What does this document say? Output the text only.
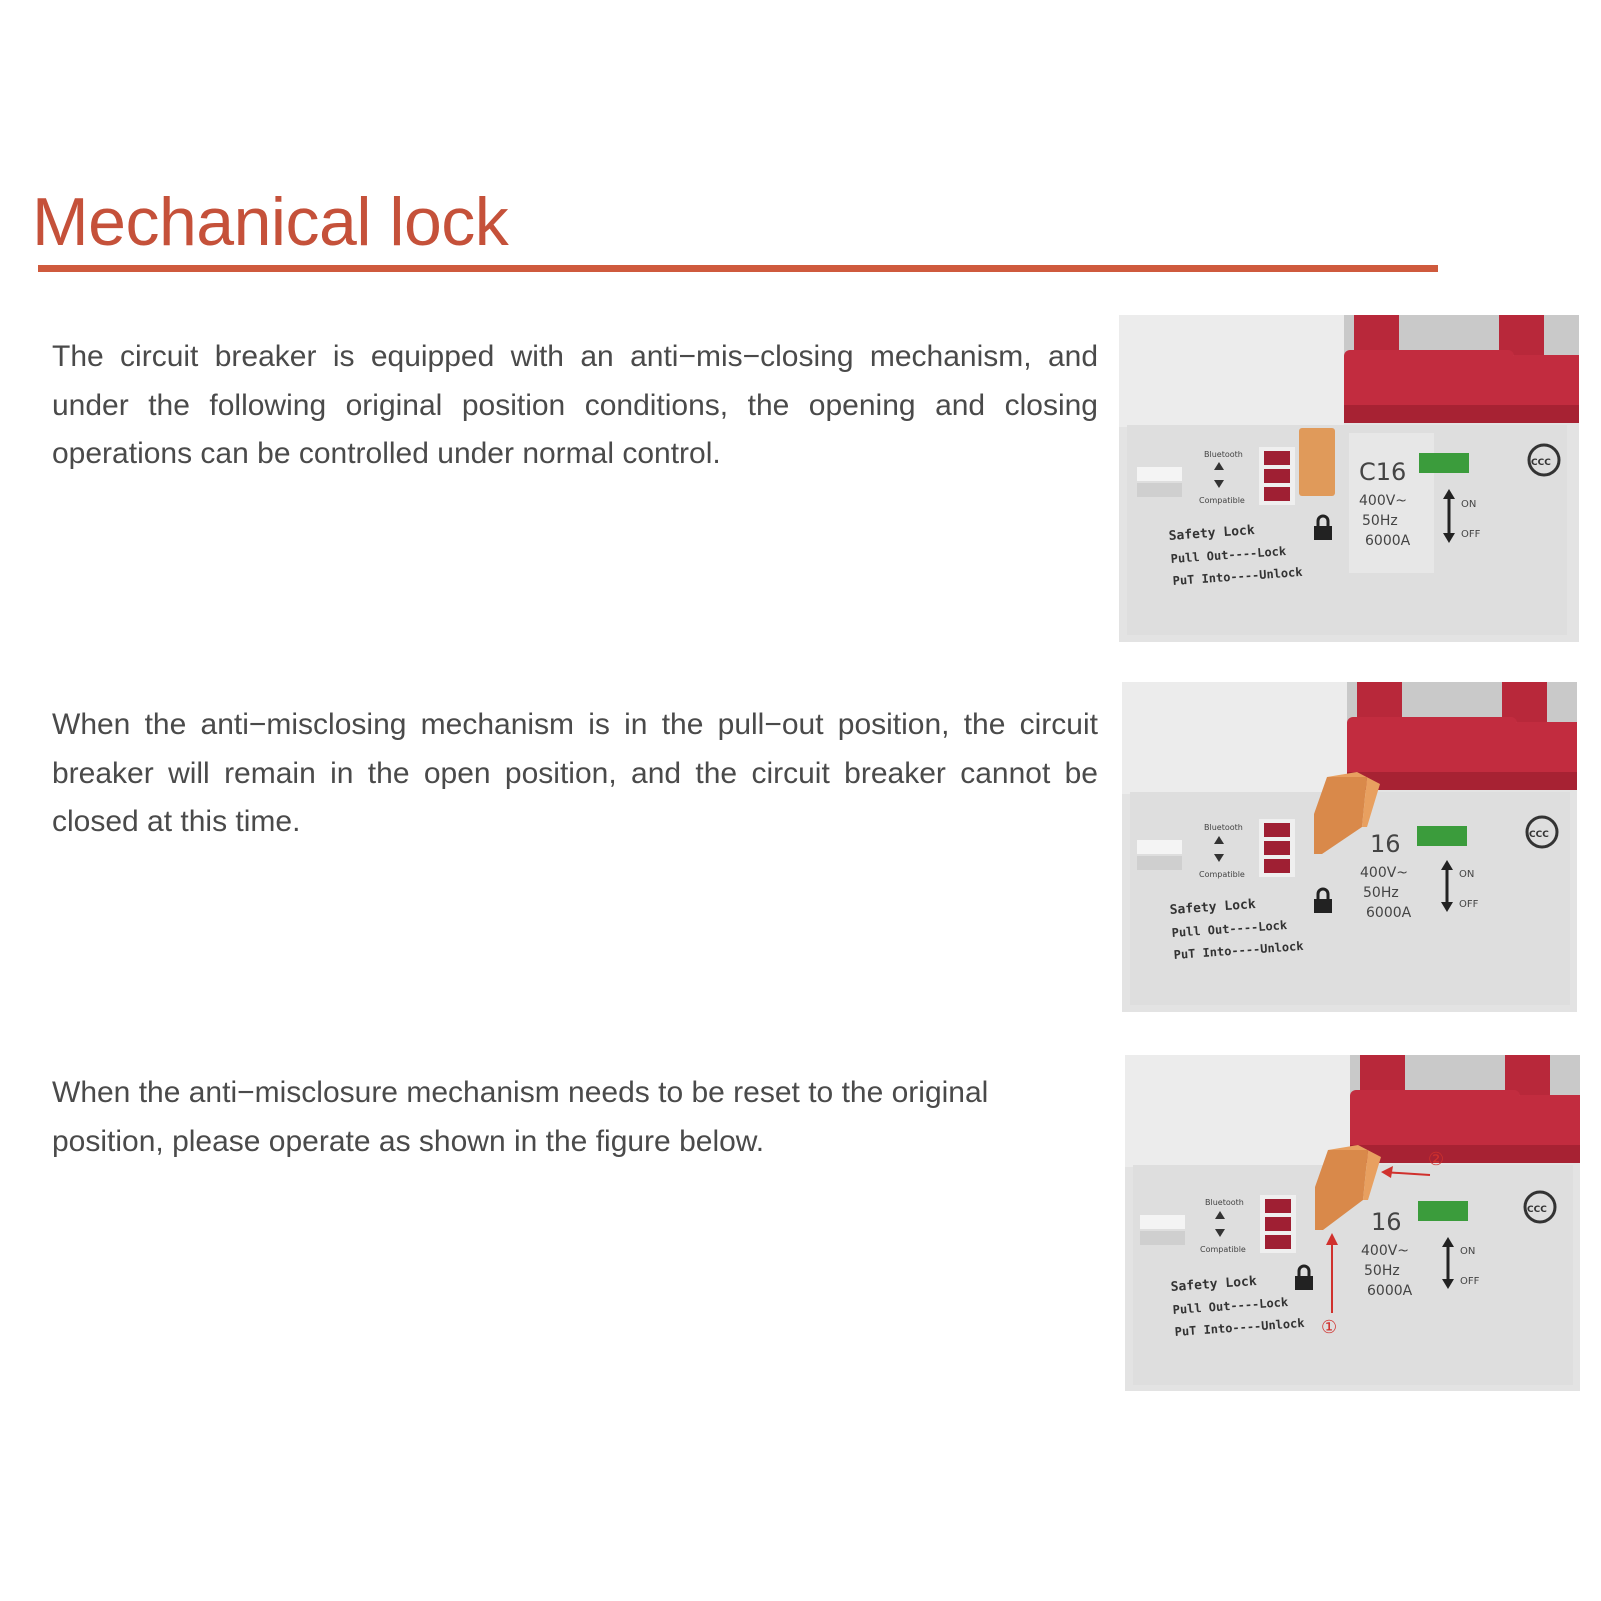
Mechanical lock

The circuit breaker is equipped with an anti−mis−closing mechanism, and under the following original position conditions, the opening and closing operations can be controlled under normal control.

When the anti−misclosing mechanism is in the pull−out position, the circuit breaker will remain in the open position, and the circuit breaker cannot be closed at this time.

When the anti−misclosure mechanism needs to be reset to the original position, please operate as shown in the figure below.

Bluetooth
Compatible
Safety Lock
Pull Out----Lock
PuT Into----Unlock
C16
400V~
50Hz
6000A
ON
OFF
CCC
Bluetooth
Compatible
Safety Lock
Pull Out----Lock
PuT Into----Unlock
16
400V~
50Hz
6000A
ON
OFF
CCC
Bluetooth
Compatible
②
①
Safety Lock
Pull Out----Lock
PuT Into----Unlock
16
400V~
50Hz
6000A
ON
OFF
CCC
